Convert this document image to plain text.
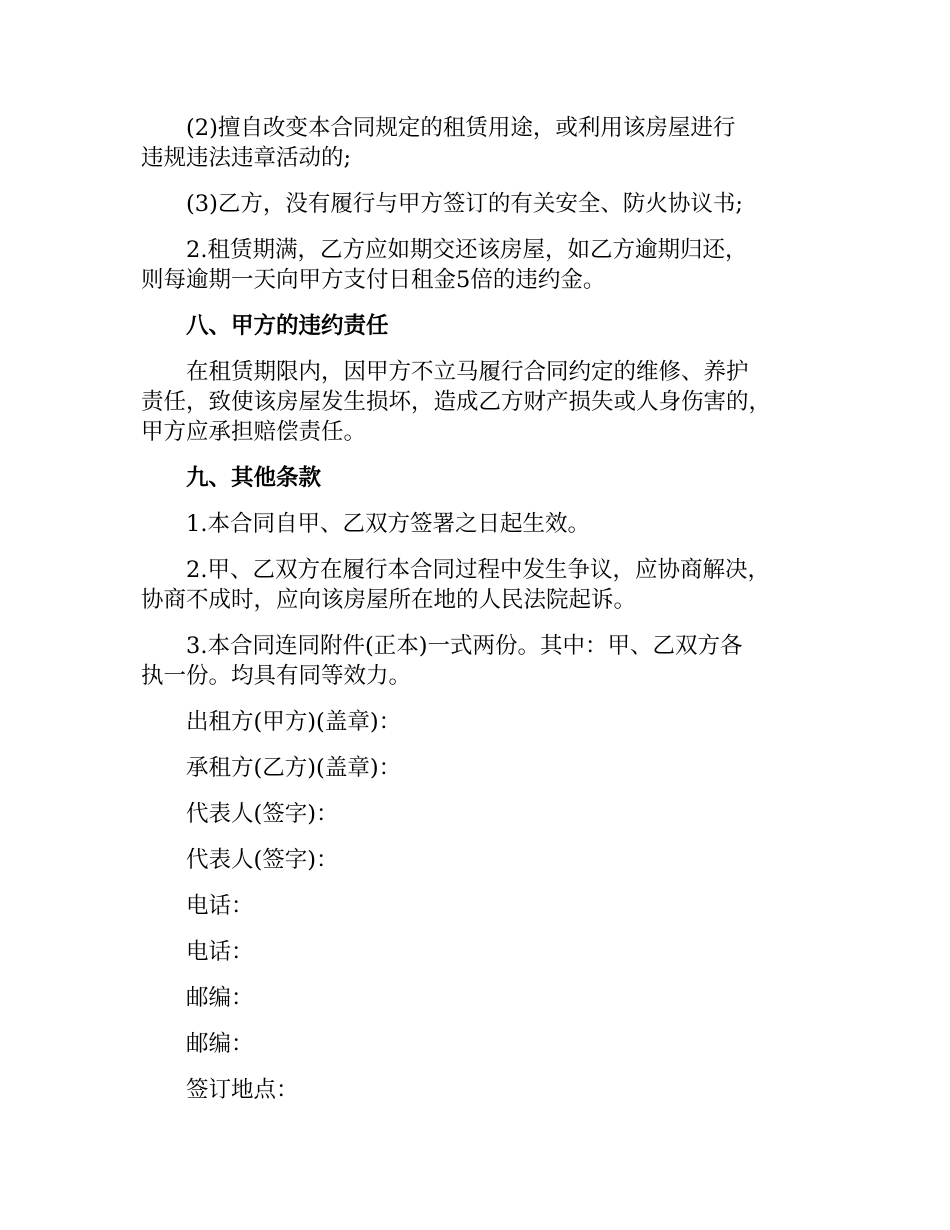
(2)擅自改变本合同规定的租赁用途，或利用该房屋进行
违规违法违章活动的;
(3)乙方，没有履行与甲方签订的有关安全、防火协议书;
2.租赁期满，乙方应如期交还该房屋，如乙方逾期归还，
则每逾期一天向甲方支付日租金5倍的违约金。
八、甲方的违约责任
在租赁期限内，因甲方不立马履行合同约定的维修、养护
责任，致使该房屋发生损坏，造成乙方财产损失或人身伤害的，
甲方应承担赔偿责任。
九、其他条款
1.本合同自甲、乙双方签署之日起生效。
2.甲、乙双方在履行本合同过程中发生争议，应协商解决，
协商不成时，应向该房屋所在地的人民法院起诉。
3.本合同连同附件(正本)一式两份。其中：甲、乙双方各
执一份。均具有同等效力。
出租方(甲方)(盖章)：
承租方(乙方)(盖章)：
代表人(签字)：
代表人(签字)：
电话：
电话：
邮编：
邮编：
签订地点：
